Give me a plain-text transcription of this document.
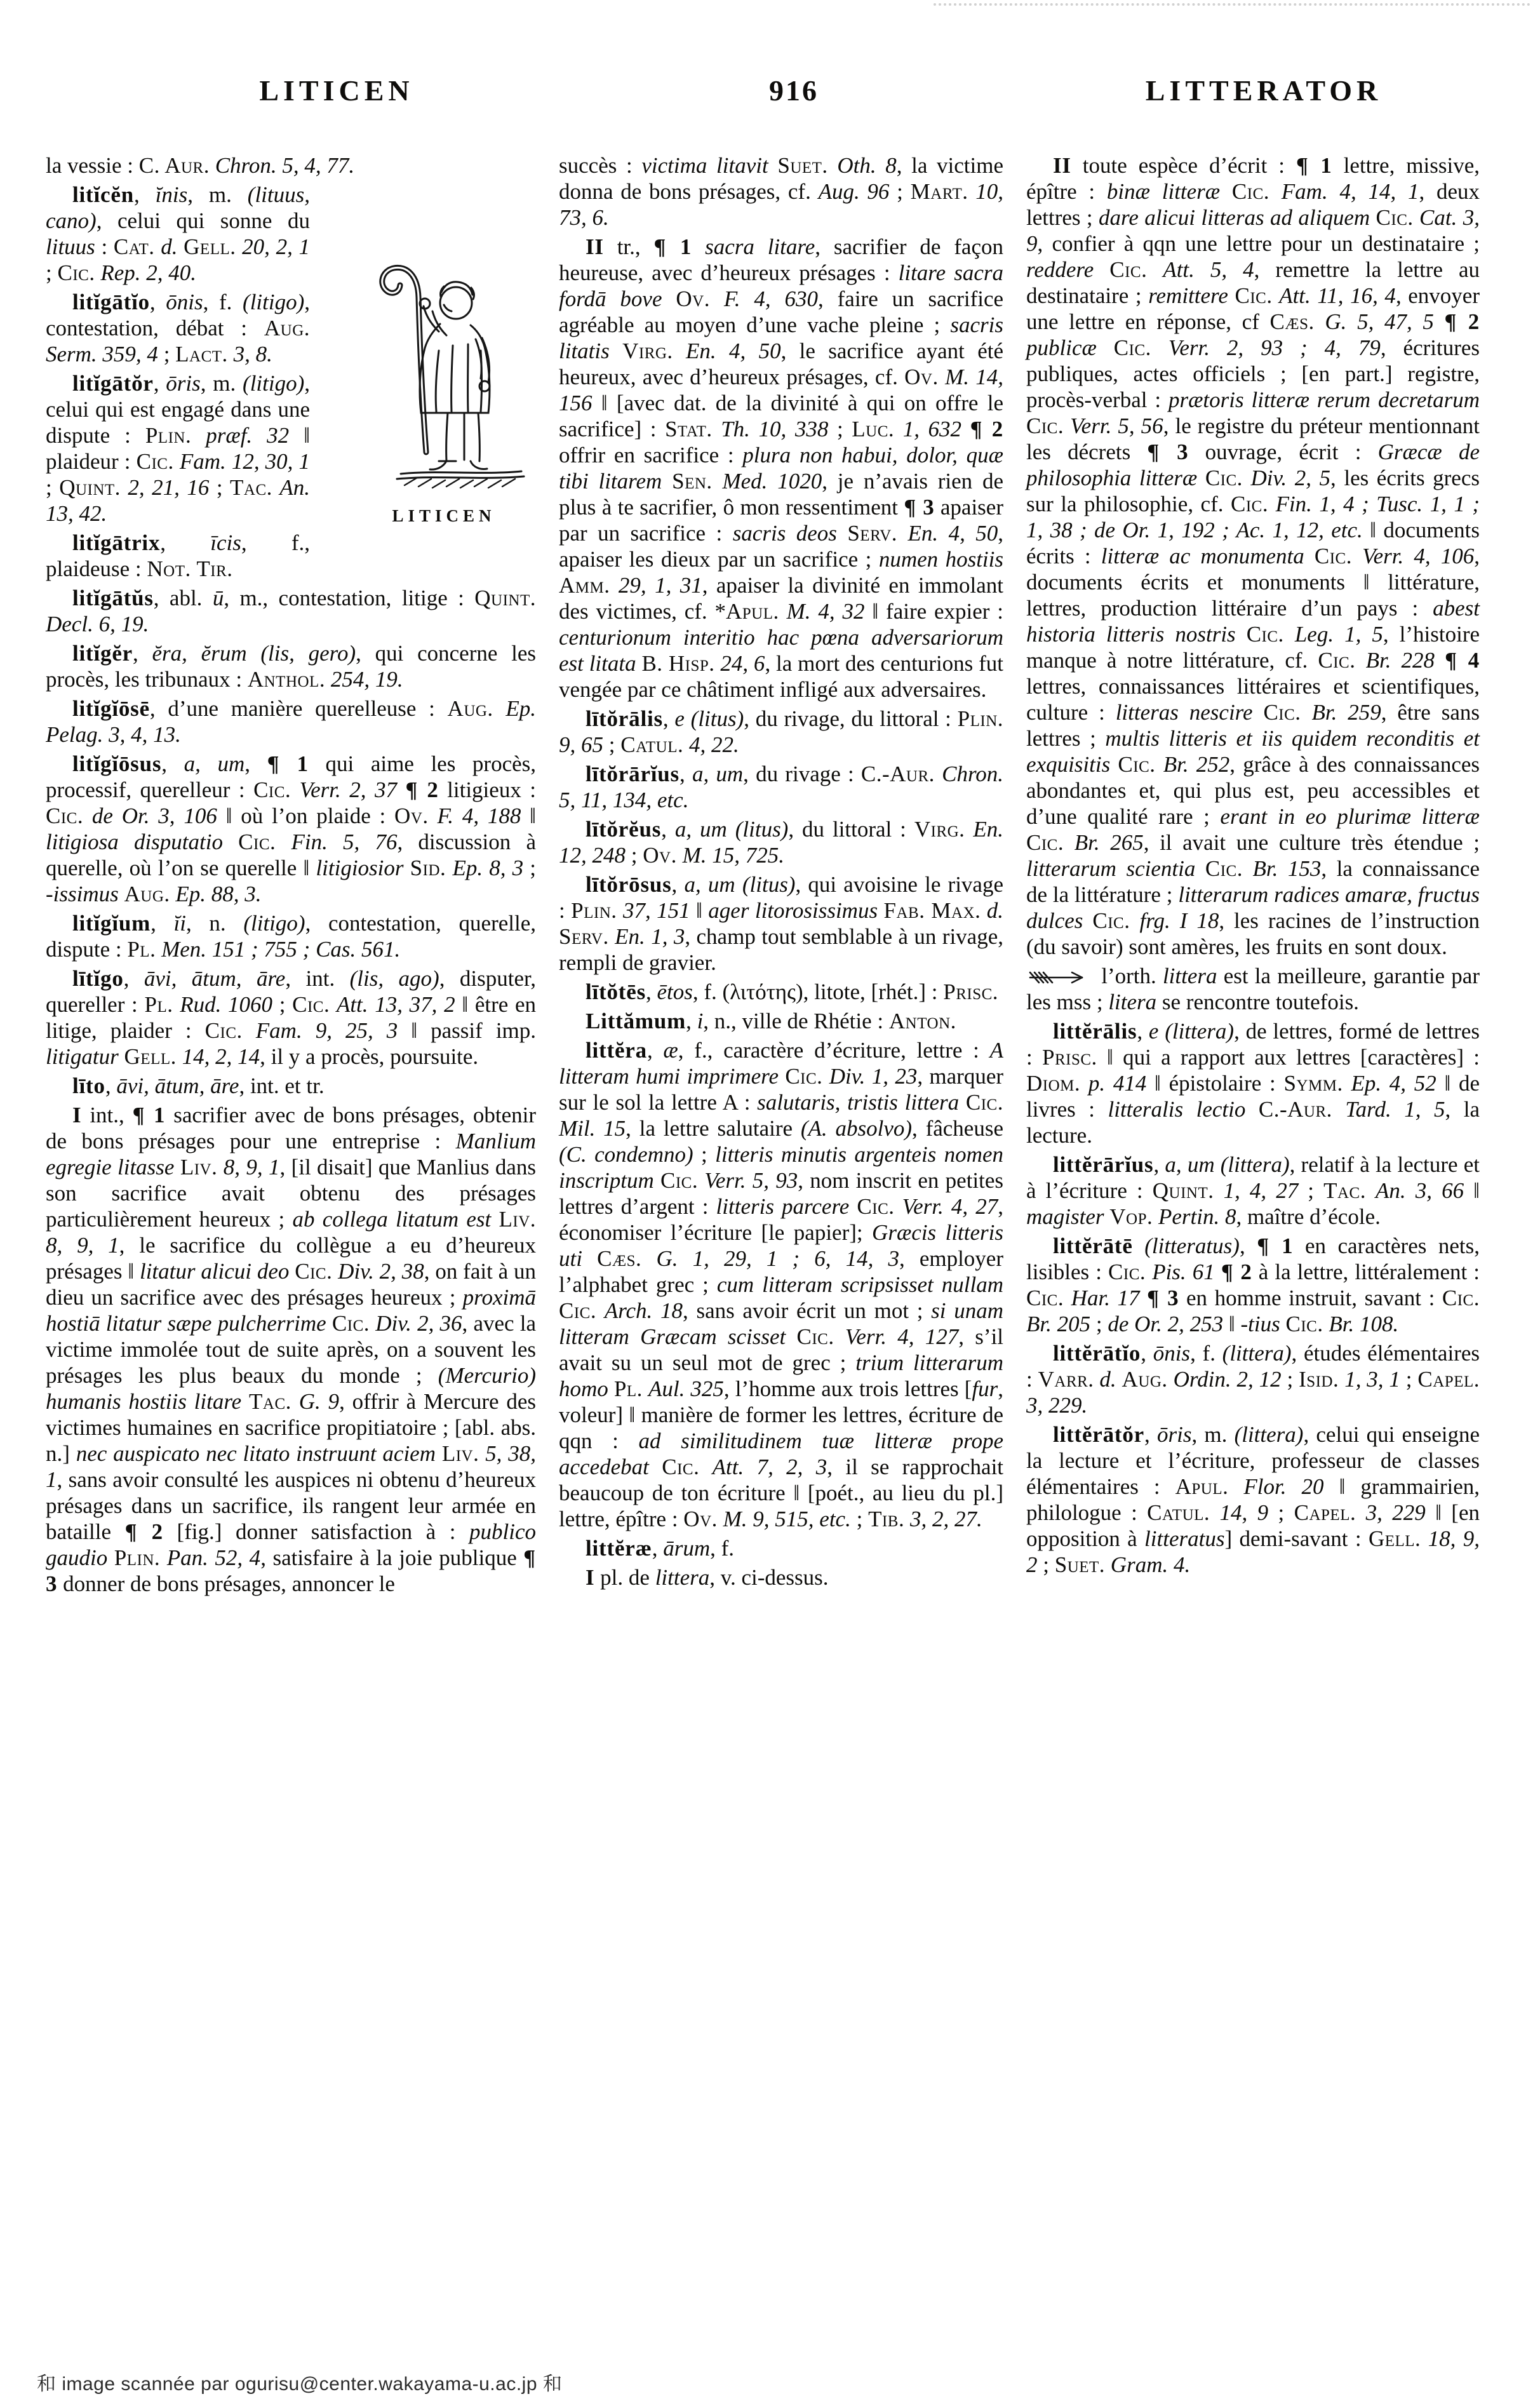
LITICEN	916	LITTERATOR

la vessie : C. Aur. Chron. 5, 4, 77.

LITICEN
litĭcĕn, ĭnis, m. (lituus, cano), celui qui sonne du lituus : Cat. d. Gell. 20, 2, 1 ; Cic. Rep. 2, 40.

litĭgātĭo, ōnis, f. (litigo), contestation, débat : Aug. Serm. 359, 4 ; Lact. 3, 8.

litĭgātŏr, ōris, m. (litigo), celui qui est engagé dans une dispute : Plin. præf. 32 ‖ plaideur : Cic. Fam. 12, 30, 1 ; Quint. 2, 21, 16 ; Tac. An. 13, 42.

litĭgātrix, īcis, f., plaideuse : Not. Tir.

litĭgātŭs, abl. ū, m., contestation, litige : Quint. Decl. 6, 19.

litĭgĕr, ĕra, ĕrum (lis, gero), qui concerne les procès, les tribunaux : Anthol. 254, 19.

litĭgĭōsē, d’une manière querelleuse : Aug. Ep. Pelag. 3, 4, 13.

litĭgĭōsus, a, um, ¶ 1 qui aime les procès, processif, querelleur : Cic. Verr. 2, 37 ¶ 2 litigieux : Cic. de Or. 3, 106 ‖ où l’on plaide : Ov. F. 4, 188 ‖ litigiosa disputatio Cic. Fin. 5, 76, discussion à querelle, où l’on se querelle ‖ litigiosior Sid. Ep. 8, 3 ; -issimus Aug. Ep. 88, 3.

litĭgĭum, ĭi, n. (litigo), contestation, querelle, dispute : Pl. Men. 151 ; 755 ; Cas. 561.

lītĭgo, āvi, ātum, āre, int. (lis, ago), disputer, quereller : Pl. Rud. 1060 ; Cic. Att. 13, 37, 2 ‖ être en litige, plaider : Cic. Fam. 9, 25, 3 ‖ passif imp. litigatur Gell. 14, 2, 14, il y a procès, poursuite.

līto, āvi, ātum, āre, int. et tr.

I int., ¶ 1 sacrifier avec de bons présages, obtenir de bons présages pour une entreprise : Manlium egregie litasse Liv. 8, 9, 1, [il disait] que Manlius dans son sacrifice avait obtenu des présages particulièrement heureux ; ab collega litatum est Liv. 8, 9, 1, le sacrifice du collègue a eu d’heureux présages ‖ litatur alicui deo Cic. Div. 2, 38, on fait à un dieu un sacrifice avec des présages heureux ; proximā hostiā litatur sæpe pulcherrime Cic. Div. 2, 36, avec la victime immolée tout de suite après, on a souvent les présages les plus beaux du monde ; (Mercurio) humanis hostiis litare Tac. G. 9, offrir à Mercure des victimes humaines en sacrifice propitiatoire ; [abl. abs. n.] nec auspicato nec litato instruunt aciem Liv. 5, 38, 1, sans avoir consulté les auspices ni obtenu d’heureux présages dans un sacrifice, ils rangent leur armée en bataille ¶ 2 [fig.] donner satisfaction à : publico gaudio Plin. Pan. 52, 4, satisfaire à la joie publique ¶ 3 donner de bons présages, annoncer le

succès : victima litavit Suet. Oth. 8, la victime donna de bons présages, cf. Aug. 96 ; Mart. 10, 73, 6.

II tr., ¶ 1 sacra litare, sacrifier de façon heureuse, avec d’heureux présages : litare sacra fordā bove Ov. F. 4, 630, faire un sacrifice agréable au moyen d’une vache pleine ; sacris litatis Virg. En. 4, 50, le sacrifice ayant été heureux, avec d’heureux présages, cf. Ov. M. 14, 156 ‖ [avec dat. de la divinité à qui on offre le sacrifice] : Stat. Th. 10, 338 ; Luc. 1, 632 ¶ 2 offrir en sacrifice : plura non habui, dolor, quæ tibi litarem Sen. Med. 1020, je n’avais rien de plus à te sacrifier, ô mon ressentiment ¶ 3 apaiser par un sacrifice : sacris deos Serv. En. 4, 50, apaiser les dieux par un sacrifice ; numen hostiis Amm. 29, 1, 31, apaiser la divinité en immolant des victimes, cf. *Apul. M. 4, 32 ‖ faire expier : centurionum interitio hac pœna adversariorum est litata B. Hisp. 24, 6, la mort des centurions fut vengée par ce châtiment infligé aux adversaires.

lītŏrālis, e (litus), du rivage, du littoral : Plin. 9, 65 ; Catul. 4, 22.

lītŏrārĭus, a, um, du rivage : C.-Aur. Chron. 5, 11, 134, etc.

lītŏrĕus, a, um (litus), du littoral : Virg. En. 12, 248 ; Ov. M. 15, 725.

lītŏrōsus, a, um (litus), qui avoisine le rivage : Plin. 37, 151 ‖ ager litorosissimus Fab. Max. d. Serv. En. 1, 3, champ tout semblable à un rivage, rempli de gravier.

lītŏtēs, ētos, f. (λιτότης), litote, [rhét.] : Prisc.

Littămum, i, n., ville de Rhétie : Anton.

littĕra, æ, f., caractère d’écriture, lettre : A litteram humi imprimere Cic. Div. 1, 23, marquer sur le sol la lettre A : salutaris, tristis littera Cic. Mil. 15, la lettre salutaire (A. absolvo), fâcheuse (C. condemno) ; litteris minutis argenteis nomen inscriptum Cic. Verr. 5, 93, nom inscrit en petites lettres d’argent : litteris parcere Cic. Verr. 4, 27, économiser l’écriture [le papier]; Græcis litteris uti Cæs. G. 1, 29, 1 ; 6, 14, 3, employer l’alphabet grec ; cum litteram scripsisset nullam Cic. Arch. 18, sans avoir écrit un mot ; si unam litteram Græcam scisset Cic. Verr. 4, 127, s’il avait su un seul mot de grec ; trium litterarum homo Pl. Aul. 325, l’homme aux trois lettres [fur, voleur] ‖ manière de former les lettres, écriture de qqn : ad similitudinem tuæ litteræ prope accedebat Cic. Att. 7, 2, 3, il se rapprochait beaucoup de ton écriture ‖ [poét., au lieu du pl.] lettre, épître : Ov. M. 9, 515, etc. ; Tib. 3, 2, 27.

littĕræ, ārum, f.

I pl. de littera, v. ci-dessus.

II toute espèce d’écrit : ¶ 1 lettre, missive, épître : binæ litteræ Cic. Fam. 4, 14, 1, deux lettres ; dare alicui litteras ad aliquem Cic. Cat. 3, 9, confier à qqn une lettre pour un destinataire ; reddere Cic. Att. 5, 4, remettre la lettre au destinataire ; remittere Cic. Att. 11, 16, 4, envoyer une lettre en réponse, cf Cæs. G. 5, 47, 5 ¶ 2 publicæ Cic. Verr. 2, 93 ; 4, 79, écritures publiques, actes officiels ; [en part.] registre, procès-verbal : prætoris litteræ rerum decretarum Cic. Verr. 5, 56, le registre du préteur mentionnant les décrets ¶ 3 ouvrage, écrit : Græcæ de philosophia litteræ Cic. Div. 2, 5, les écrits grecs sur la philosophie, cf. Cic. Fin. 1, 4 ; Tusc. 1, 1 ; 1, 38 ; de Or. 1, 192 ; Ac. 1, 12, etc. ‖ documents écrits : litteræ ac monumenta Cic. Verr. 4, 106, documents écrits et monuments ‖ littérature, lettres, production littéraire d’un pays : abest historia litteris nostris Cic. Leg. 1, 5, l’histoire manque à notre littérature, cf. Cic. Br. 228 ¶ 4 lettres, connaissances littéraires et scientifiques, culture : litteras nescire Cic. Br. 259, être sans lettres ; multis litteris et iis quidem reconditis et exquisitis Cic. Br. 252, grâce à des connaissances abondantes et, qui plus est, peu accessibles et d’une qualité rare ; erant in eo plurimæ litteræ Cic. Br. 265, il avait une culture très étendue ; litterarum scientia Cic. Br. 153, la connaissance de la littérature ; litterarum radices amaræ, fructus dulces Cic. frg. I 18, les racines de l’instruction (du savoir) sont amères, les fruits en sont doux.

l’orth. littera est la meilleure, garantie par les mss ; litera se rencontre toutefois.

littĕrālis, e (littera), de lettres, formé de lettres : Prisc. ‖ qui a rapport aux lettres [caractères] : Diom. p. 414 ‖ épistolaire : Symm. Ep. 4, 52 ‖ de livres : litteralis lectio C.-Aur. Tard. 1, 5, la lecture.

littĕrārĭus, a, um (littera), relatif à la lecture et à l’écriture : Quint. 1, 4, 27 ; Tac. An. 3, 66 ‖ magister Vop. Pertin. 8, maître d’école.

littĕrātē (litteratus), ¶ 1 en caractères nets, lisibles : Cic. Pis. 61 ¶ 2 à la lettre, littéralement : Cic. Har. 17 ¶ 3 en homme instruit, savant : Cic. Br. 205 ; de Or. 2, 253 ‖ -tius Cic. Br. 108.

littĕrātĭo, ōnis, f. (littera), études élémentaires : Varr. d. Aug. Ordin. 2, 12 ; Isid. 1, 3, 1 ; Capel. 3, 229.

littĕrātŏr, ōris, m. (littera), celui qui enseigne la lecture et l’écriture, professeur de classes élémentaires : Apul. Flor. 20 ‖ grammairien, philologue : Catul. 14, 9 ; Capel. 3, 229 ‖ [en opposition à litteratus] demi-savant : Gell. 18, 9, 2 ; Suet. Gram. 4.

和 image scannée par ogurisu@center.wakayama-u.ac.jp 和
